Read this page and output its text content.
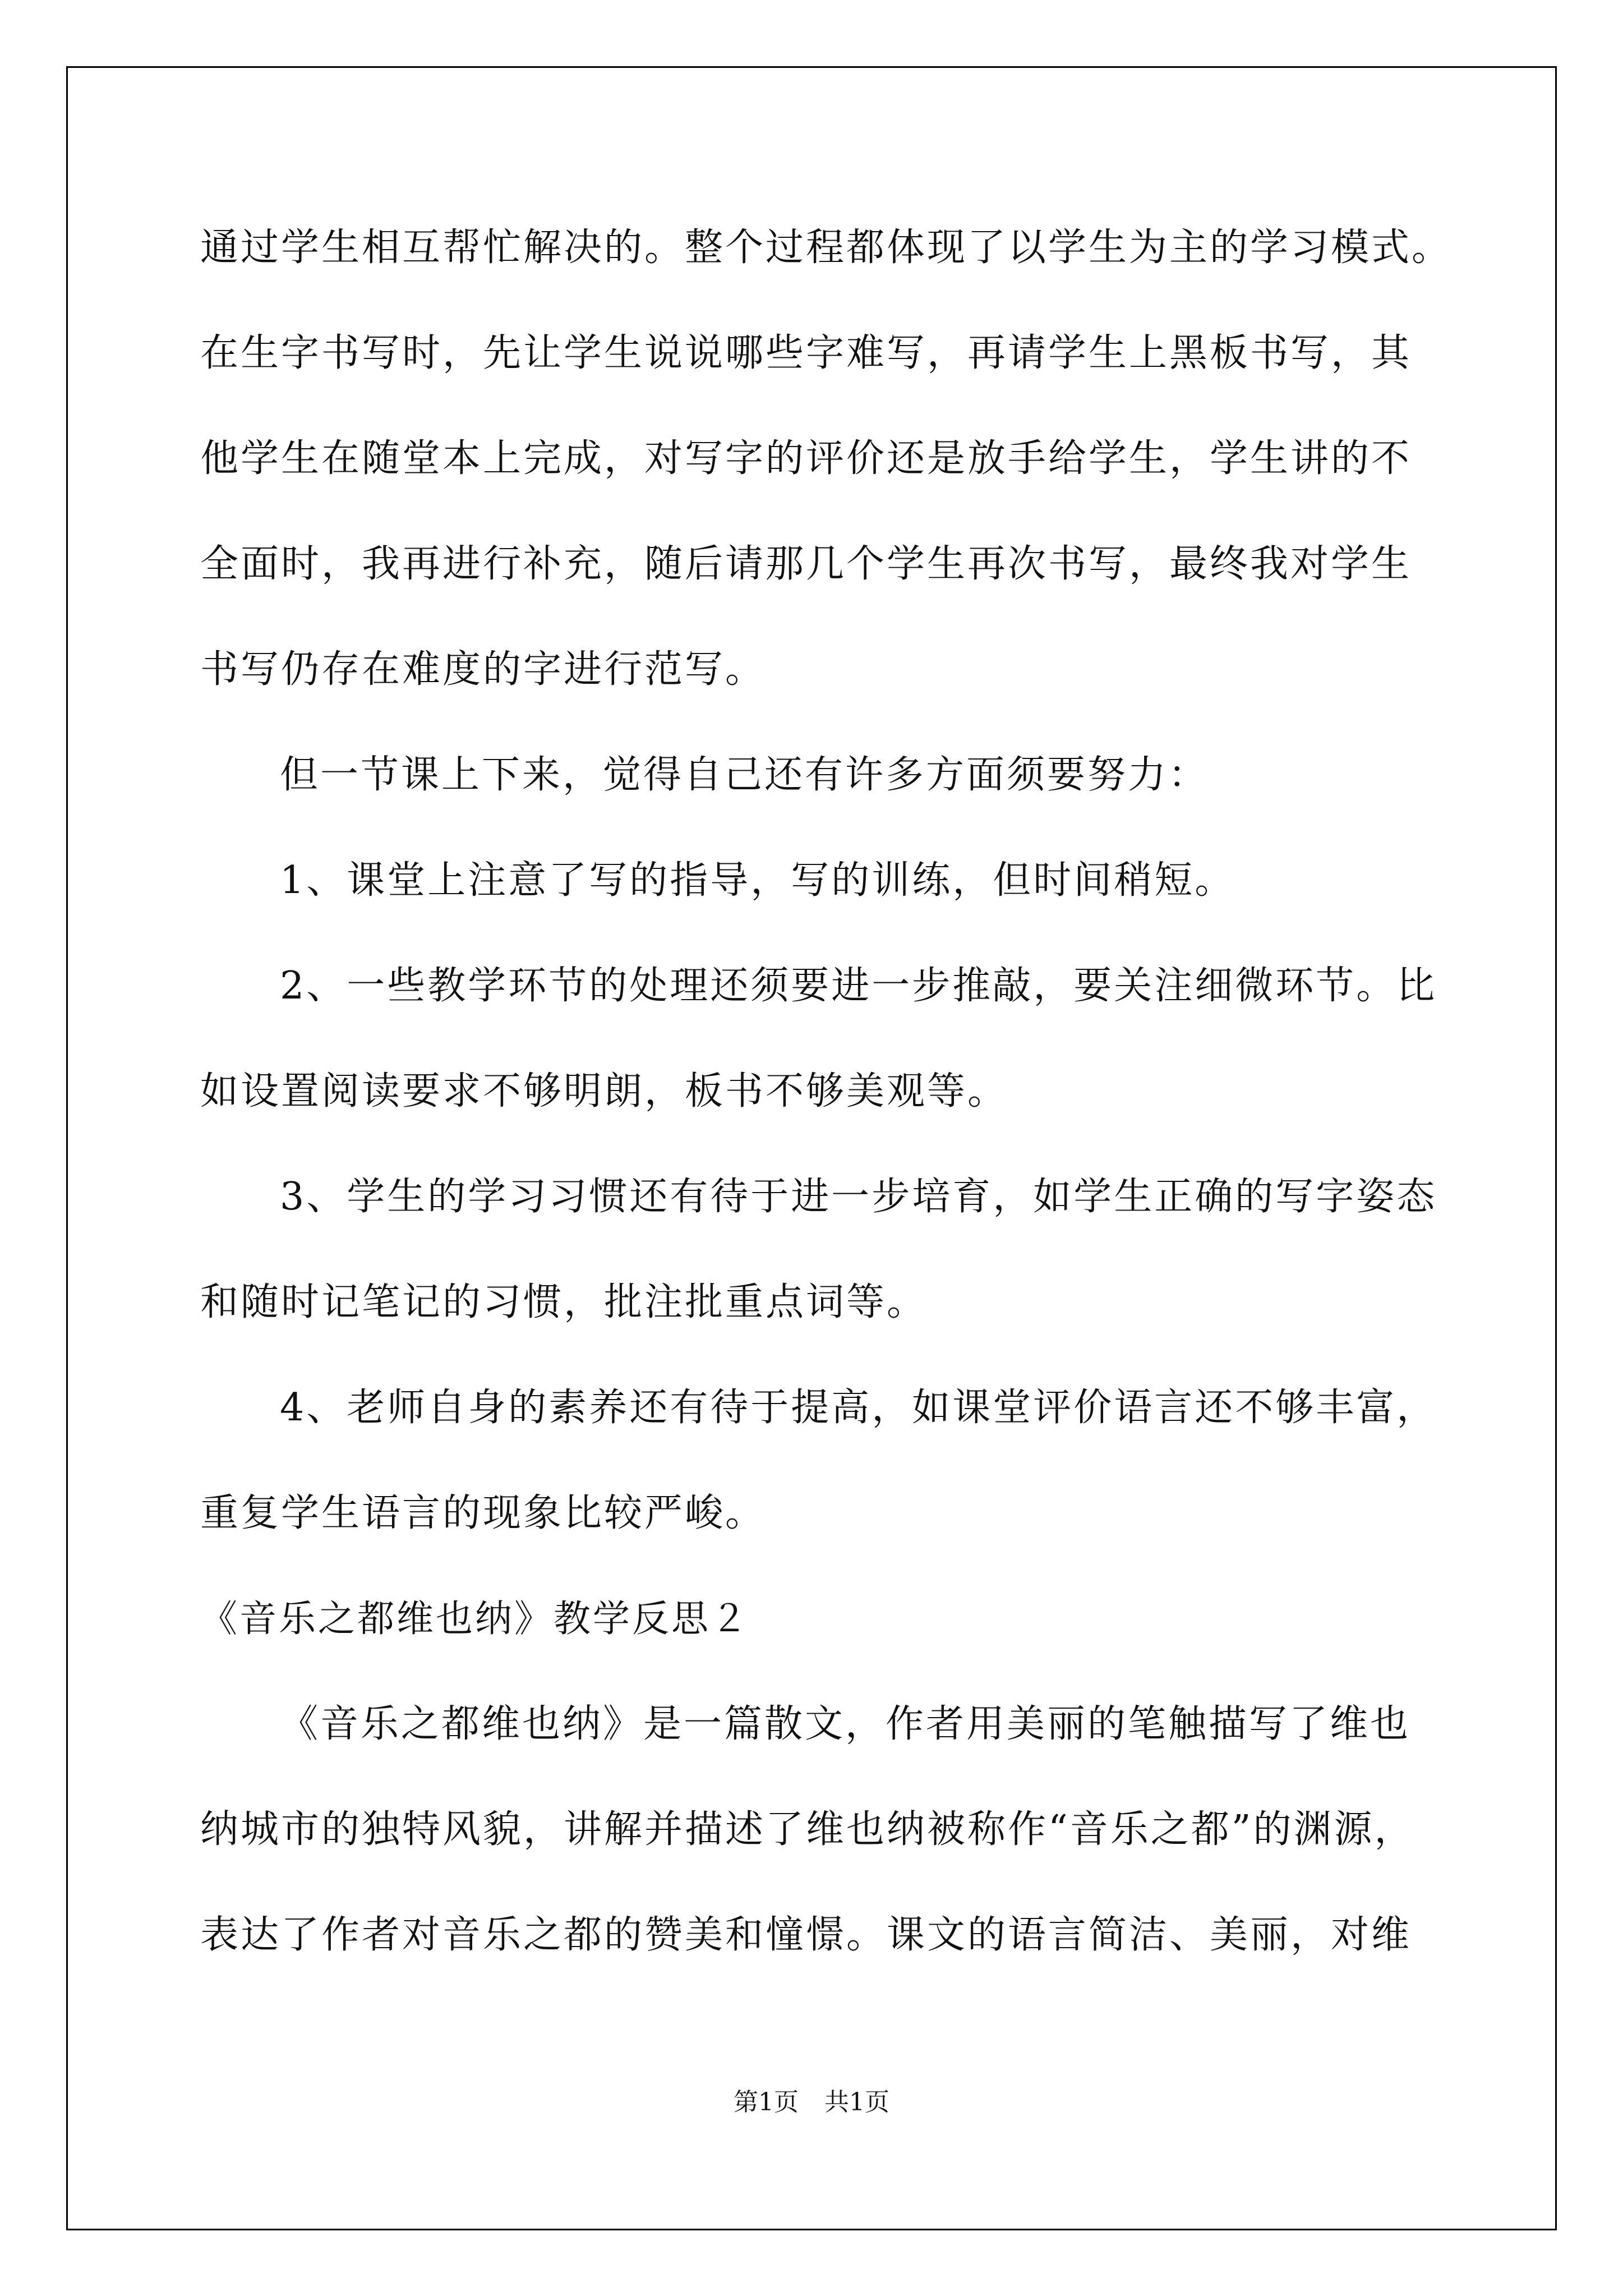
通过学生相互帮忙解决的。整个过程都体现了以学生为主的学习模式。
在生字书写时，先让学生说说哪些字难写，再请学生上黑板书写，其
他学生在随堂本上完成，对写字的评价还是放手给学生，学生讲的不
全面时，我再进行补充，随后请那几个学生再次书写，最终我对学生
书写仍存在难度的字进行范写。
但一节课上下来，觉得自己还有许多方面须要努力：
1、课堂上注意了写的指导，写的训练，但时间稍短。
2、一些教学环节的处理还须要进一步推敲，要关注细微环节。比
如设置阅读要求不够明朗，板书不够美观等。
3、学生的学习习惯还有待于进一步培育，如学生正确的写字姿态
和随时记笔记的习惯，批注批重点词等。
4、老师自身的素养还有待于提高，如课堂评价语言还不够丰富，
重复学生语言的现象比较严峻。
《音乐之都维也纳》教学反思２
《音乐之都维也纳》是一篇散文，作者用美丽的笔触描写了维也
纳城市的独特风貌，讲解并描述了维也纳被称作“音乐之都”的渊源，
表达了作者对音乐之都的赞美和憧憬。课文的语言简洁、美丽，对维
第1页 共1页
